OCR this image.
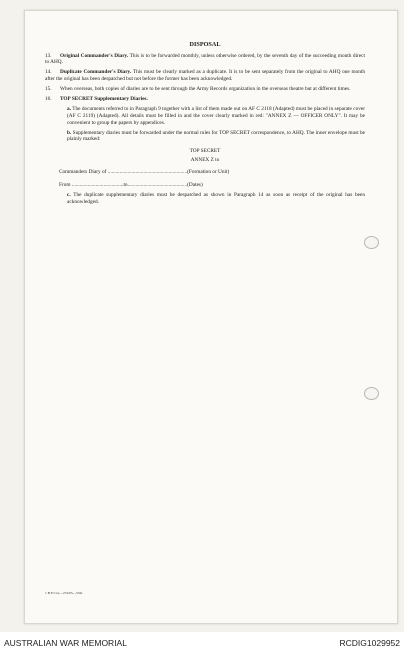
DISPOSAL

13. Original Commander's Diary. This is to be forwarded monthly, unless otherwise ordered, by the seventh day of the succeeding month direct to AHQ.

14. Duplicate Commander's Diary. This must be clearly marked as a duplicate. It is to be sent separately from the original to AHQ one month after the original has been despatched but not before the former has been acknowledged.

15. When overseas, both copies of diaries are to be sent through the Army Records organization in the overseas theatre but at different times.

16. TOP SECRET Supplementary Diaries.

a. The documents referred to in Paragraph 9 together with a list of them made out on AF C 2118 (Adapted) must be placed in separate cover (AF C 2119) (Adapted). All details must be filled in and the cover clearly marked in red: "ANNEX Z — OFFICER ONLY". It may be convenient to group the papers by appendices.

b. Supplementary diaries must be forwarded under the normal rules for TOP SECRET correspondence, to AHQ. The inner envelope must be plainly marked:

TOP SECRET
ANNEX Z to
Commanders Diary of ............................................................(Formation or Unit)
From .......................................to.............................................(Dates)

c. The duplicate supplementary diaries must be despatched as shown in Paragraph 14 as soon as receipt of the original has been acknowledged.

1 B P Cvp—274/65—55m
AUSTRALIAN WAR MEMORIAL	RCDIG1029952
